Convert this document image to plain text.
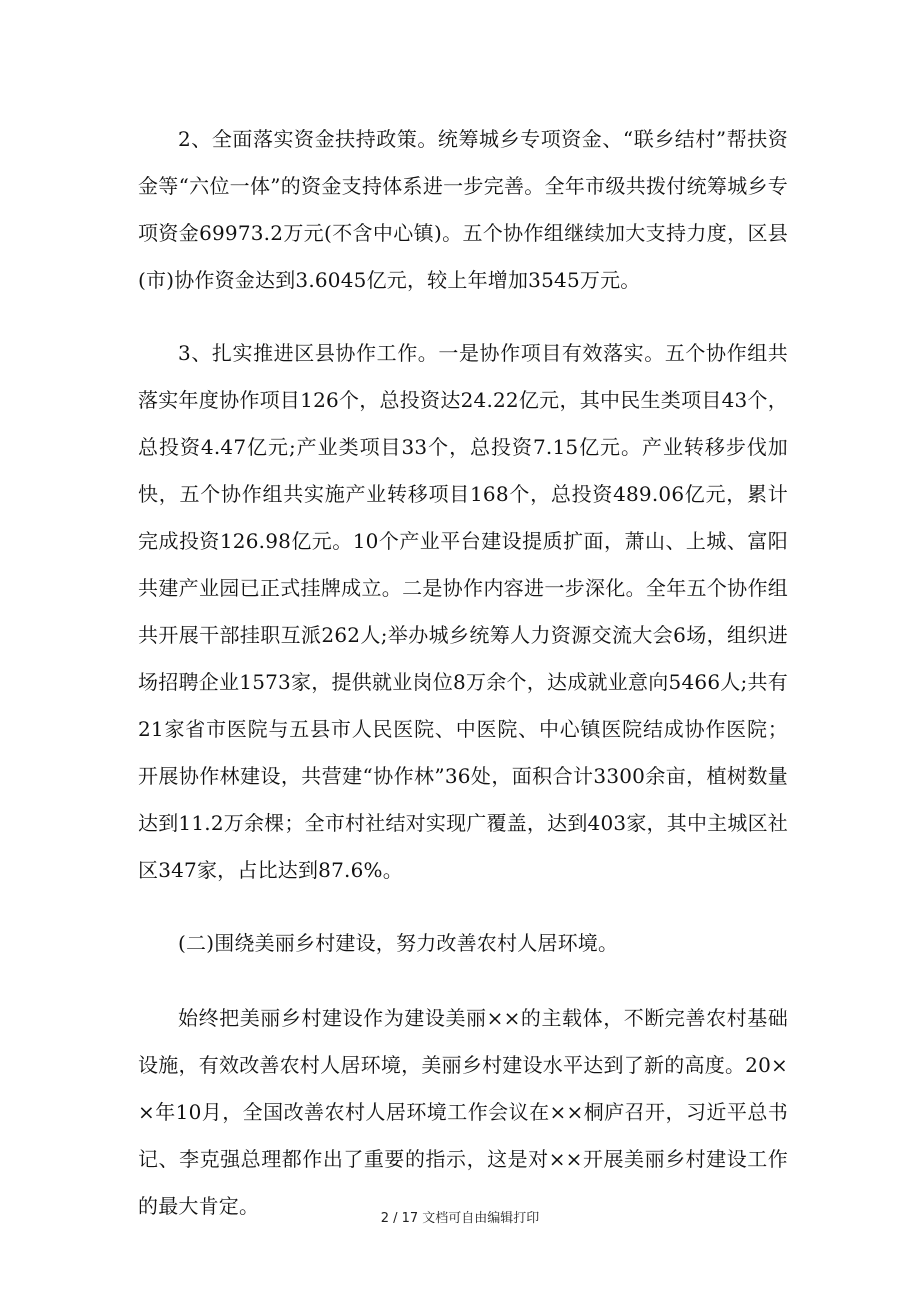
2、全面落实资金扶持政策。统筹城乡专项资金、“联乡结村”帮扶资金等“六位一体”的资金支持体系进一步完善。全年市级共拨付统筹城乡专项资金69973.2万元(不含中心镇)。五个协作组继续加大支持力度，区县(市)协作资金达到3.6045亿元，较上年增加3545万元。

3、扎实推进区县协作工作。一是协作项目有效落实。五个协作组共落实年度协作项目126个，总投资达24.22亿元，其中民生类项目43个，总投资4.47亿元;产业类项目33个，总投资7.15亿元。产业转移步伐加快，五个协作组共实施产业转移项目168个，总投资489.06亿元，累计完成投资126.98亿元。10个产业平台建设提质扩面，萧山、上城、富阳共建产业园已正式挂牌成立。二是协作内容进一步深化。全年五个协作组共开展干部挂职互派262人;举办城乡统筹人力资源交流大会6场，组织进场招聘企业1573家，提供就业岗位8万余个，达成就业意向5466人;共有21家省市医院与五县市人民医院、中医院、中心镇医院结成协作医院；开展协作林建设，共营建“协作林”36处，面积合计3300余亩，植树数量达到11.2万余棵；全市村社结对实现广覆盖，达到403家，其中主城区社区347家，占比达到87.6%。

(二)围绕美丽乡村建设，努力改善农村人居环境。

始终把美丽乡村建设作为建设美丽××的主载体，不断完善农村基础设施，有效改善农村人居环境，美丽乡村建设水平达到了新的高度。20××年10月，全国改善农村人居环境工作会议在××桐庐召开，习近平总书记、李克强总理都作出了重要的指示，这是对××开展美丽乡村建设工作的最大肯定。

2 / 17 文档可自由编辑打印
